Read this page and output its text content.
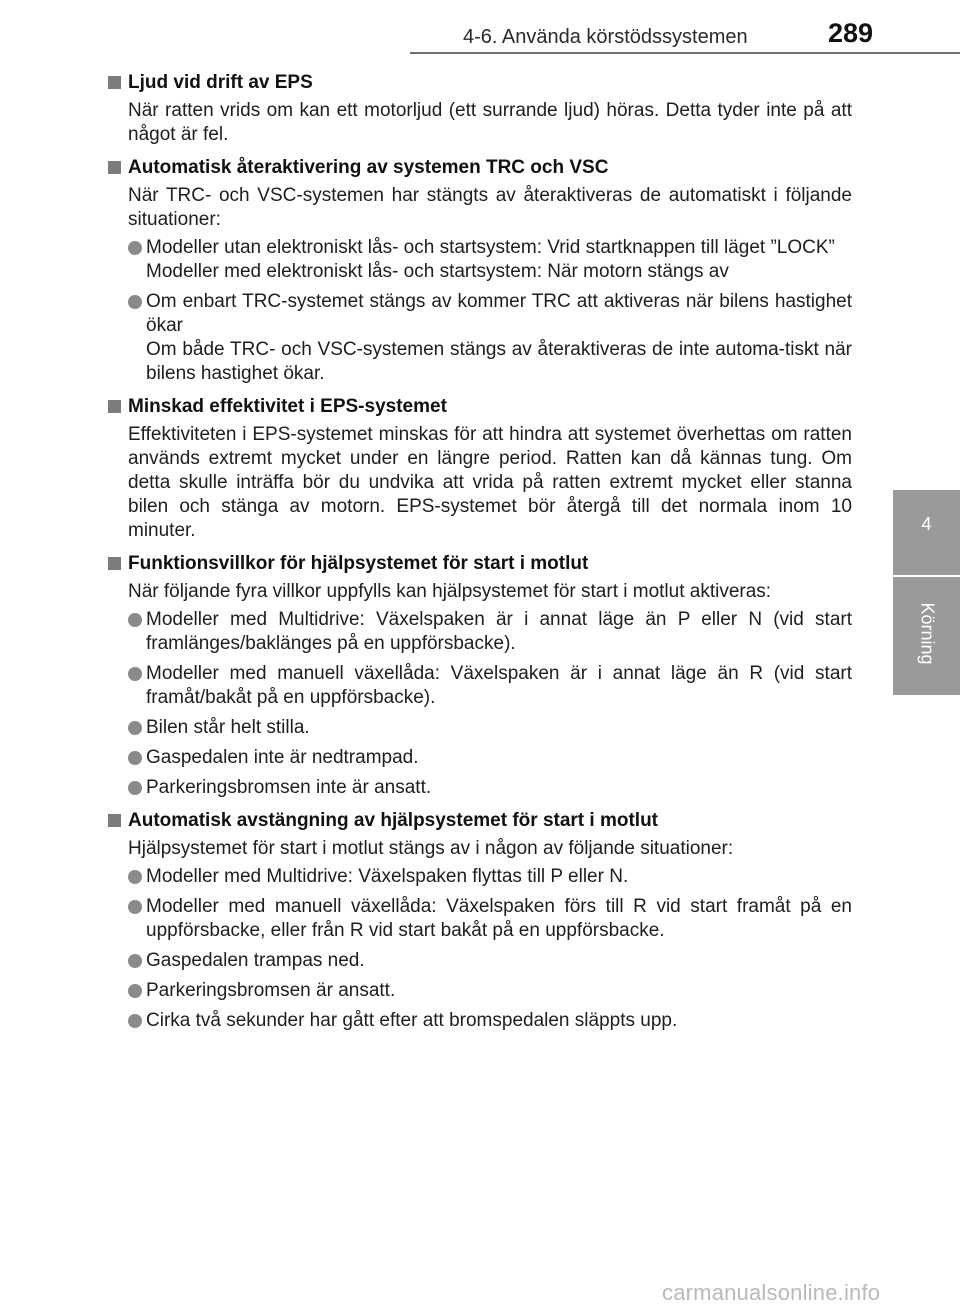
4-6. Använda körstödssystemen	289
4
Körning
Ljud vid drift av EPS
När ratten vrids om kan ett motorljud (ett surrande ljud) höras. Detta tyder inte på att något är fel.
Automatisk återaktivering av systemen TRC och VSC
När TRC- och VSC-systemen har stängts av återaktiveras de automatiskt i följande situationer:
Modeller utan elektroniskt lås- och startsystem: Vrid startknappen till läget ”LOCK”
Modeller med elektroniskt lås- och startsystem: När motorn stängs av
Om enbart TRC-systemet stängs av kommer TRC att aktiveras när bilens hastighet ökar
Om både TRC- och VSC-systemen stängs av återaktiveras de inte automa-tiskt när bilens hastighet ökar.
Minskad effektivitet i EPS-systemet
Effektiviteten i EPS-systemet minskas för att hindra att systemet överhettas om ratten används extremt mycket under en längre period. Ratten kan då kännas tung. Om detta skulle inträffa bör du undvika att vrida på ratten extremt mycket eller stanna bilen och stänga av motorn. EPS-systemet bör återgå till det normala inom 10 minuter.
Funktionsvillkor för hjälpsystemet för start i motlut
När följande fyra villkor uppfylls kan hjälpsystemet för start i motlut aktiveras:
Modeller med Multidrive: Växelspaken är i annat läge än P eller N (vid start framlänges/baklänges på en uppförsbacke).
Modeller med manuell växellåda: Växelspaken är i annat läge än R (vid start framåt/bakåt på en uppförsbacke).
Bilen står helt stilla.
Gaspedalen inte är nedtrampad.
Parkeringsbromsen inte är ansatt.
Automatisk avstängning av hjälpsystemet för start i motlut
Hjälpsystemet för start i motlut stängs av i någon av följande situationer:
Modeller med Multidrive: Växelspaken flyttas till P eller N.
Modeller med manuell växellåda: Växelspaken förs till R vid start framåt på en uppförsbacke, eller från R vid start bakåt på en uppförsbacke.
Gaspedalen trampas ned.
Parkeringsbromsen är ansatt.
Cirka två sekunder har gått efter att bromspedalen släppts upp.
carmanualsonline.info
